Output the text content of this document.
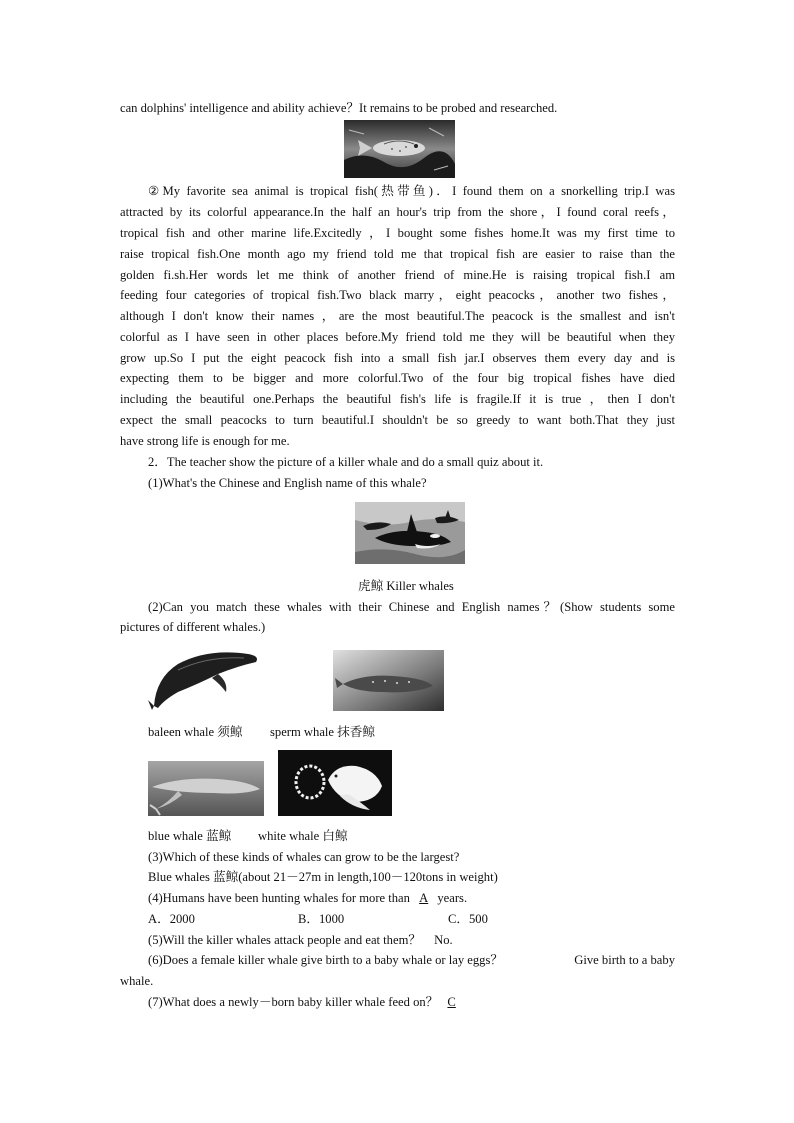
can dolphins' intelligence and ability achieve？It remains to be probed and researched.
②My favorite sea animal is tropical fish(热带鱼)．I found them on a snorkelling trip.I was
attracted by its colorful appearance.In the half an hour's trip from the shore，I found coral reefs，
tropical fish and other marine life.Excitedly ，I bought some fishes home.It was my first time to
raise tropical fish.One month ago my friend told me that tropical fish are easier to raise than the
golden fi.sh.Her words let me think of another friend of mine.He is raising tropical fish.I am
feeding four categories of tropical fish.Two black marry，eight peacocks，another two fishes，
although I don't know their names ，are the most beautiful.The peacock is the smallest and isn't
colorful as I have seen in other places before.My friend told me they will be beautiful when they
grow up.So I put the eight peacock fish into a small fish jar.I observes them every day and is
expecting them to be bigger and more colorful.Two of the four big tropical fishes have died
including the beautiful one.Perhaps the beautiful fish's life is fragile.If it is true ，then I don't
expect the small peacocks to turn beautiful.I shouldn't be so greedy to want both.That they just
have strong life is enough for me.
2．The teacher show the picture of a killer whale and do a small quiz about it.
(1)What's the Chinese and English name of this whale?
虎鲸 Killer whales
(2)Can you match these whales with their Chinese and English names？(Show students some
pictures of different whales.)
baleen whale 须鲸 sperm whale 抹香鲸
blue whale 蓝鲸 white whale 白鲸
(3)Which of these kinds of whales can grow to be the largest?
Blue whales 蓝鲸(about 21－27m in length,100－120tons in weight)
(4)Humans have been hunting whales for more than A years.
A．2000	B．1000	C．500
(5)Will the killer whales attack people and eat them？ No.
(6)Does a female killer whale give birth to a baby whale or lay eggs？	Give birth to a baby
whale.
(7)What does a newly－born baby killer whale feed on？ C
